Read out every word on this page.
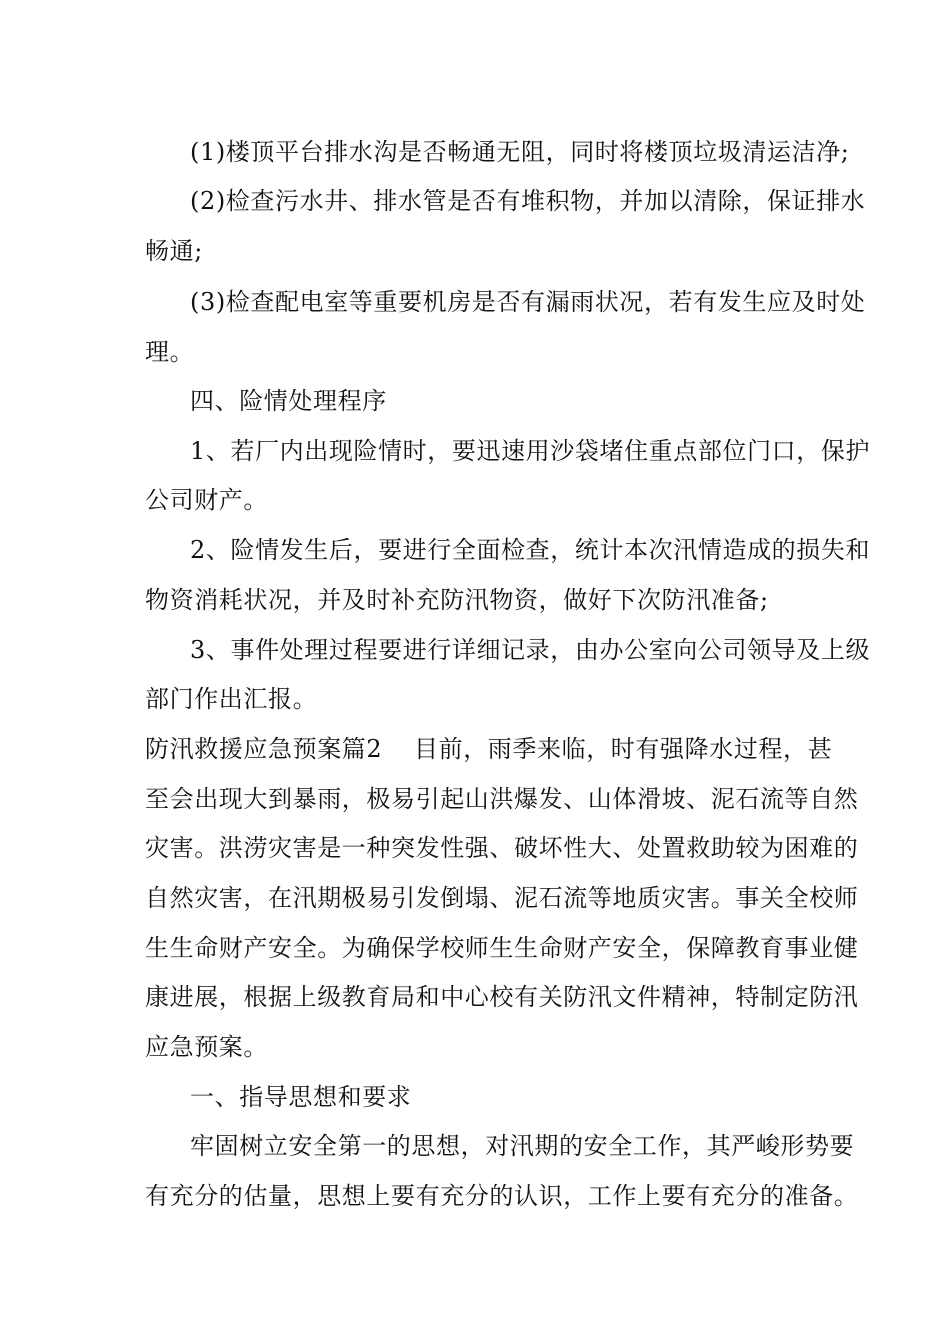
(1)楼顶平台排水沟是否畅通无阻，同时将楼顶垃圾清运洁净;
(2)检查污水井、排水管是否有堆积物，并加以清除，保证排水
畅通;
(3)检查配电室等重要机房是否有漏雨状况，若有发生应及时处
理。
四、险情处理程序
1、若厂内出现险情时，要迅速用沙袋堵住重点部位门口，保护
公司财产。
2、险情发生后，要进行全面检查，统计本次汛情造成的损失和
物资消耗状况，并及时补充防汛物资，做好下次防汛准备;
3、事件处理过程要进行详细记录，由办公室向公司领导及上级
部门作出汇报。
防汛救援应急预案篇2 目前，雨季来临，时有强降水过程，甚
至会出现大到暴雨，极易引起山洪爆发、山体滑坡、泥石流等自然
灾害。洪涝灾害是一种突发性强、破坏性大、处置救助较为困难的
自然灾害，在汛期极易引发倒塌、泥石流等地质灾害。事关全校师
生生命财产安全。为确保学校师生生命财产安全，保障教育事业健
康进展，根据上级教育局和中心校有关防汛文件精神，特制定防汛
应急预案。
一、指导思想和要求
牢固树立安全第一的思想，对汛期的安全工作，其严峻形势要
有充分的估量，思想上要有充分的认识，工作上要有充分的准备。
